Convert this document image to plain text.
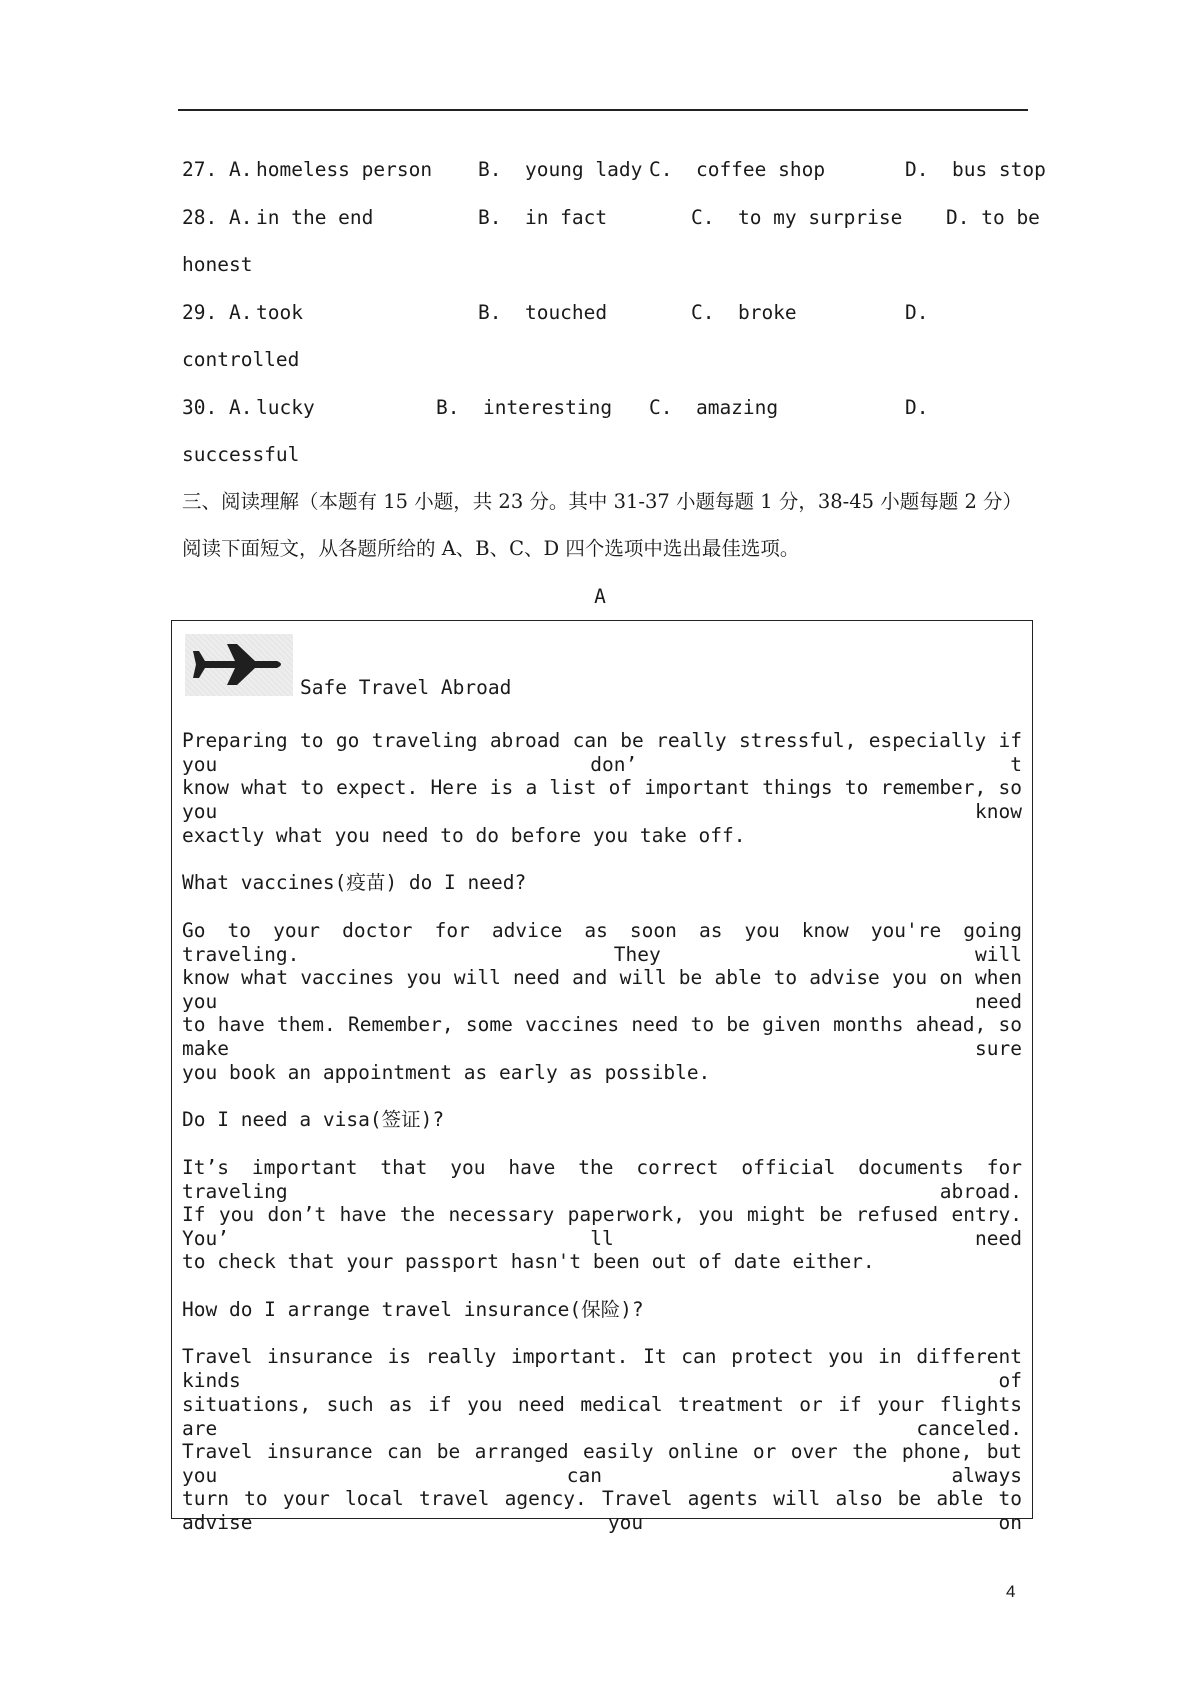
27. A. homeless person B.  young lady C.  coffee shop	D.  bus stop
28. A. in the end	B.  in fact	C.  to my surprise D. to be
honest
29. A. took	B.  touched	C.  broke	D.
controlled
30. A. lucky	B.  interesting C.  amazing	D.
successful
三、阅读理解（本题有 15 小题，共 23 分。其中 31-37 小题每题 1 分，38-45 小题每题 2 分）
阅读下面短文，从各题所给的 A、B、C、D 四个选项中选出最佳选项。
A
Safe Travel Abroad
Preparing to go traveling abroad can be really stressful, especially if you don’ t
know what to expect. Here is a list of important things to remember, so you know
exactly what you need to do before you take off.
What vaccines(疫苗) do I need?
Go to your doctor for advice as soon as you know you're going traveling. They will
know what vaccines you will need and will be able to advise you on when you need
to have them. Remember, some vaccines need to be given months ahead, so make sure
you book an appointment as early as possible.
Do I need a visa(签证)?
It’s important that you have the correct official documents for traveling abroad.
If you don’t have the necessary paperwork, you might be refused entry. You’ ll need
to check that your passport hasn't been out of date either.
How do I arrange travel insurance(保险)?
Travel insurance is really important. It can protect you in different kinds of
situations, such as if you need medical treatment or if your flights are canceled.
Travel insurance can be arranged easily online or over the phone, but you can always
turn to your local travel agency. Travel agents will also be able to advise you on
4
